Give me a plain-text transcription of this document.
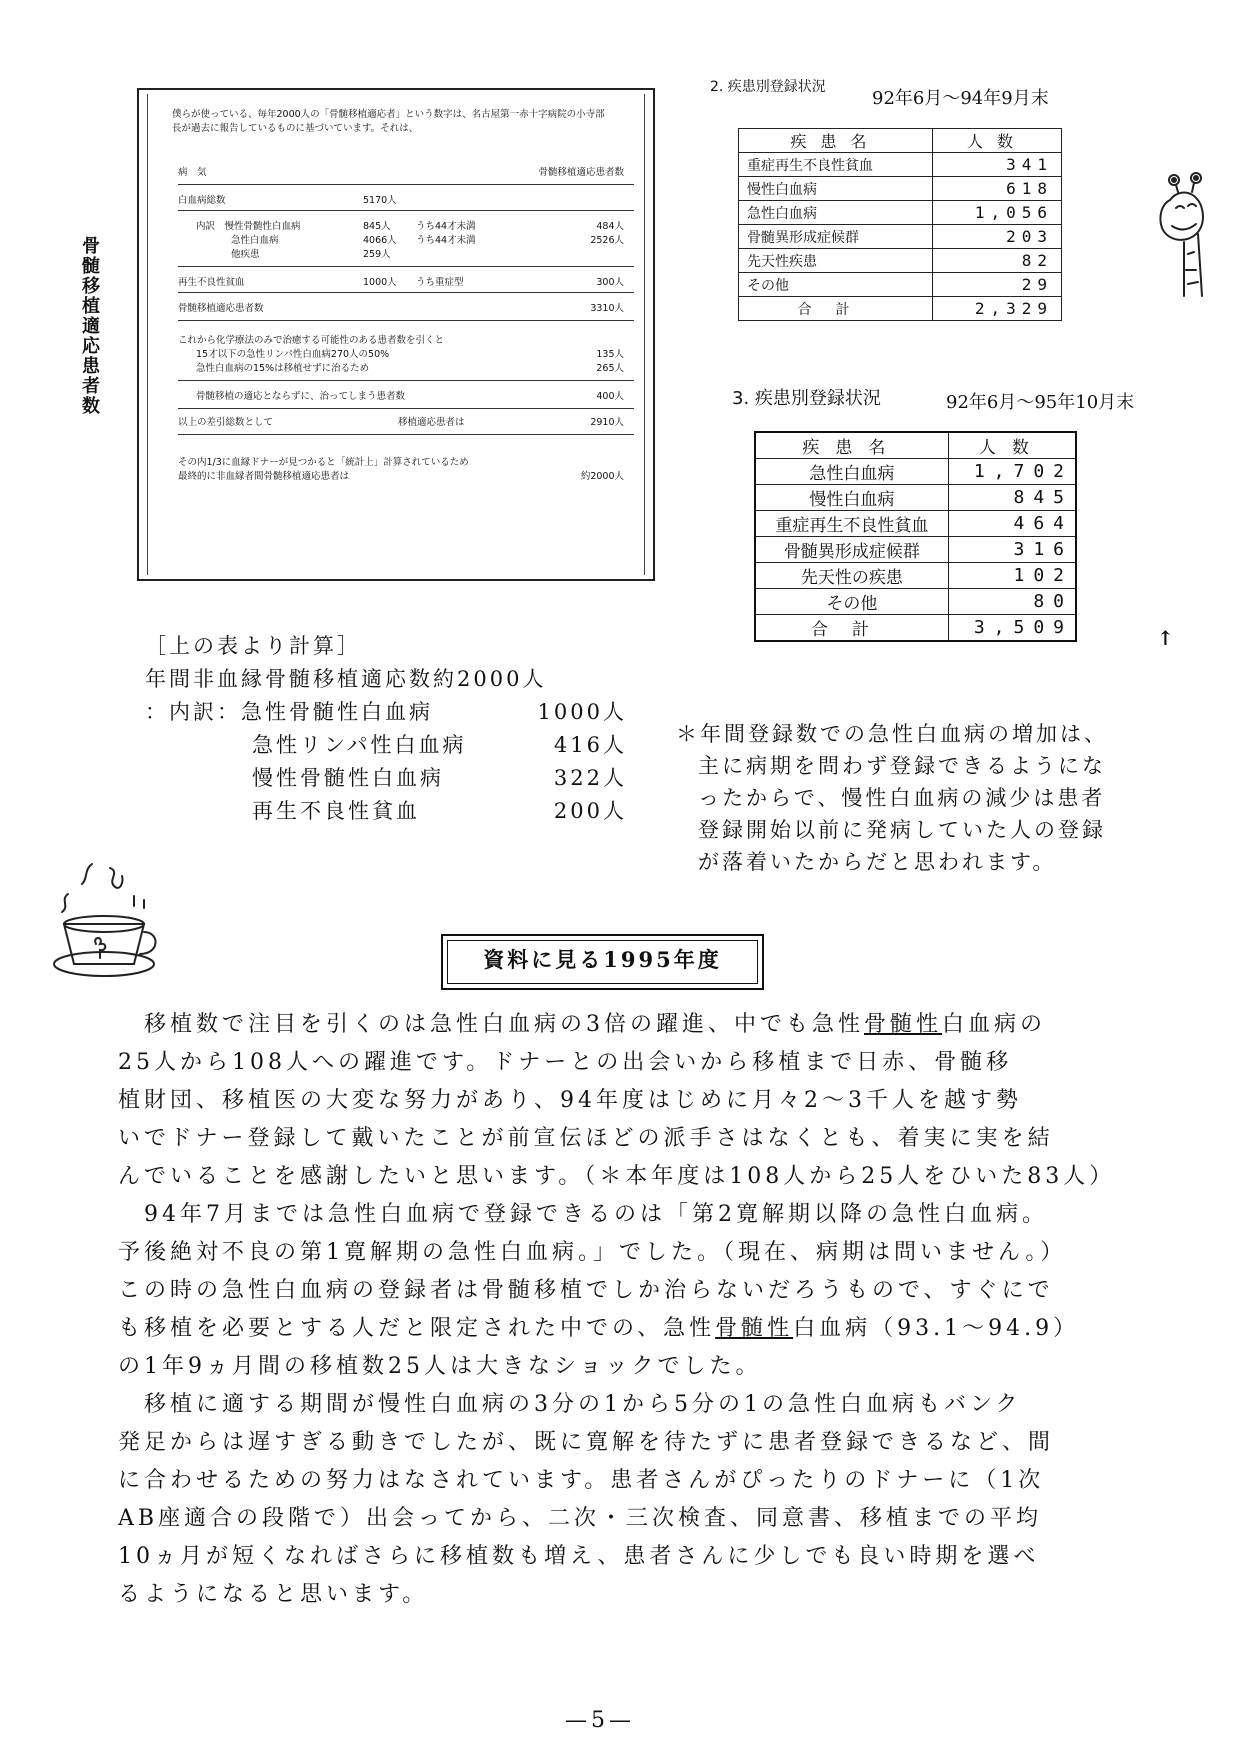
骨髄移植適応患者数
僕らが使っている、毎年2000人の「骨髄移植適応者」という数字は、名古屋第一赤十字病院の小寺部長が過去に報告しているものに基づいています。それは、
病　気	骨髄移植適応患者数
白血病総数	5170人
内訳　慢性骨髄性白血病	845人	うち44才未満	484人
急性白血病	4066人 うち44才未満	2526人
他疾患	259人
再生不良性貧血	1000人 うち重症型	300人
骨髄移植適応患者数	3310人
これから化学療法のみで治癒する可能性のある患者数を引くと
15才以下の急性リンパ性白血病270人の50%	135人
急性白血病の15%は移植せずに治るため	265人
骨髄移植の適応とならずに、治ってしまう患者数	400人
以上の差引総数として	移植適応患者は	2910人
その内1/3に血縁ドナーが見つかると「統計上」計算されているため
最終的に非血縁者間骨髄移植適応患者は	約2000人
2. 疾患別登録状況
92年6月〜94年9月末
疾患名	人数
重症再生不良性貧血	341
慢性白血病	618
急性白血病	1,056
骨髄異形成症候群	203
先天性疾患	82
その他	29
合計	2,329
3. 疾患別登録状況	92年6月〜95年10月末
疾患名	人数
急性白血病	1,702
慢性白血病	845
重症再生不良性貧血	464
骨髄異形成症候群	316
先天性の疾患	102
その他	80
合計	3,509	↑
［上の表より計算］
年間非血縁骨髄移植適応数約2000人
：内訳：急性骨髄性白血病	1000人
急性リンパ性白血病	416人
慢性骨髄性白血病	322人
再生不良性貧血	200人
＊年間登録数での急性白血病の増加は、
主に病期を問わず登録できるようにな
ったからで、慢性白血病の減少は患者
登録開始以前に発病していた人の登録
が落着いたからだと思われます。
資料に見る1995年度
移植数で注目を引くのは急性白血病の3倍の躍進、中でも急性骨髄性白血病の
25人から108人への躍進です。ドナーとの出会いから移植まで日赤、骨髄移
植財団、移植医の大変な努力があり、94年度はじめに月々2〜3千人を越す勢
いでドナー登録して戴いたことが前宣伝ほどの派手さはなくとも、着実に実を結
んでいることを感謝したいと思います。（＊本年度は108人から25人をひいた83人）
94年7月までは急性白血病で登録できるのは「第2寛解期以降の急性白血病。
予後絶対不良の第1寛解期の急性白血病。」でした。（現在、病期は問いません。）
この時の急性白血病の登録者は骨髄移植でしか治らないだろうもので、すぐにで
も移植を必要とする人だと限定された中での、急性骨髄性白血病（93.1〜94.9）
の1年9ヵ月間の移植数25人は大きなショックでした。
移植に適する期間が慢性白血病の3分の1から5分の1の急性白血病もバンク
発足からは遅すぎる動きでしたが、既に寛解を待たずに患者登録できるなど、間
に合わせるための努力はなされています。患者さんがぴったりのドナーに（1次
AB座適合の段階で）出会ってから、二次・三次検査、同意書、移植までの平均
10ヵ月が短くなればさらに移植数も増え、患者さんに少しでも良い時期を選べ
るようになると思います。
—5—
